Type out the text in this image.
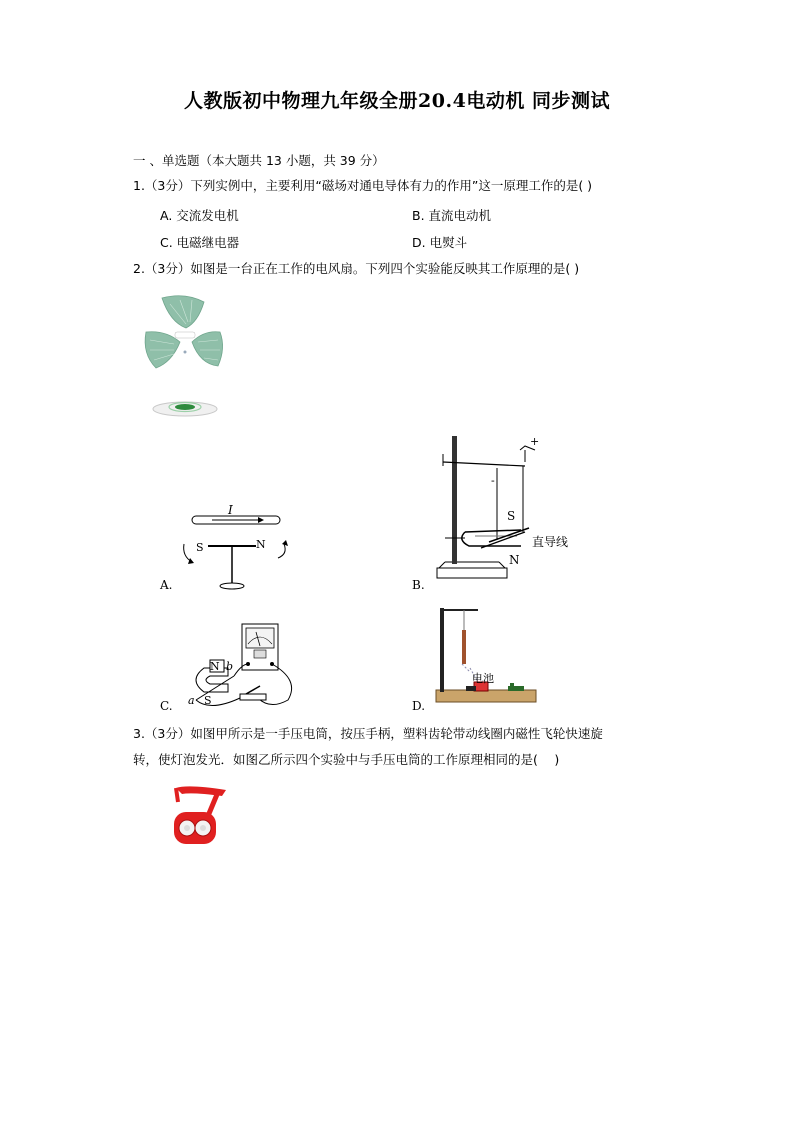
人教版初中物理九年级全册20.4电动机 同步测试
一 、单选题（本大题共 13 小题，共 39 分）
1.（3分）下列实例中，主要利用“磁场对通电导体有力的作用”这一原理工作的是( )
A. 交流发电机	B. 直流电动机
C. 电磁继电器	D. 电熨斗
2.（3分）如图是一台正在工作的电风扇。下列四个实验能反映其工作原理的是( )
I
S	N
A.
+
-
S
N
直导线
B.
N b
S
a
C.
电池
D.
3.（3分）如图甲所示是一手压电筒，按压手柄，塑料齿轮带动线圈内磁性飞轮快速旋
转，使灯泡发光．如图乙所示四个实验中与手压电筒的工作原理相同的是(　 )
